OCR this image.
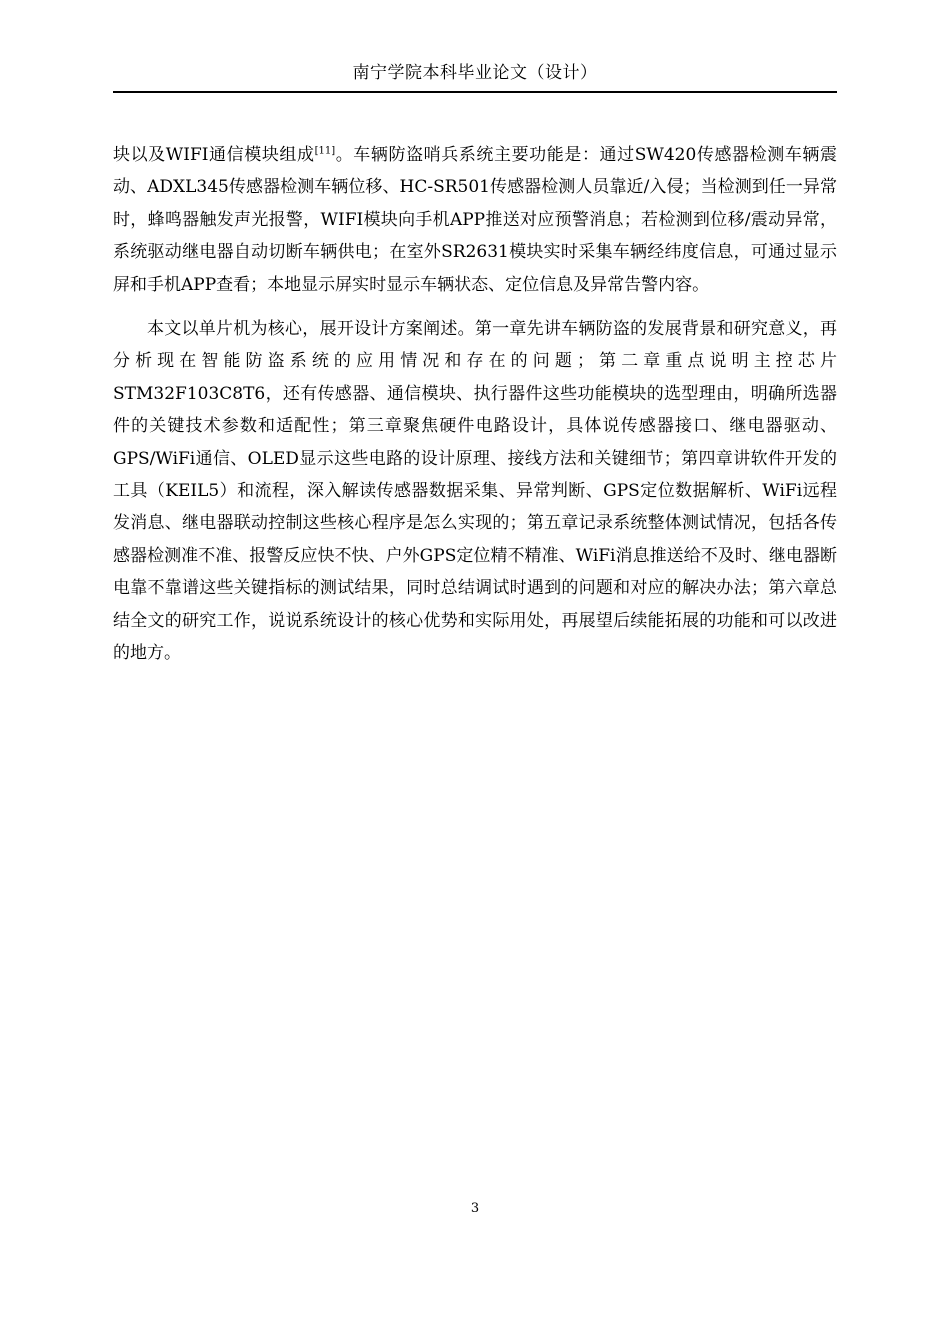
南宁学院本科毕业论文（设计）

块以及WIFI通信模块组成[11]。车辆防盗哨兵系统主要功能是：通过SW420传感器检测车辆震动、ADXL345传感器检测车辆位移、HC-SR501传感器检测人员靠近/入侵；当检测到任一异常时，蜂鸣器触发声光报警，WIFI模块向手机APP推送对应预警消息；若检测到位移/震动异常，系统驱动继电器自动切断车辆供电；在室外SR2631模块实时采集车辆经纬度信息，可通过显示屏和手机APP查看；本地显示屏实时显示车辆状态、定位信息及异常告警内容。

本文以单片机为核心，展开设计方案阐述。第一章先讲车辆防盗的发展背景和研究意义，再分析现在智能防盗系统的应用情况和存在的问题；第二章重点说明主控芯片STM32F103C8T6，还有传感器、通信模块、执行器件这些功能模块的选型理由，明确所选器件的关键技术参数和适配性；第三章聚焦硬件电路设计，具体说传感器接口、继电器驱动、GPS/WiFi通信、OLED显示这些电路的设计原理、接线方法和关键细节；第四章讲软件开发的工具（KEIL5）和流程，深入解读传感器数据采集、异常判断、GPS定位数据解析、WiFi远程发消息、继电器联动控制这些核心程序是怎么实现的；第五章记录系统整体测试情况，包括各传感器检测准不准、报警反应快不快、户外GPS定位精不精准、WiFi消息推送给不及时、继电器断电靠不靠谱这些关键指标的测试结果，同时总结调试时遇到的问题和对应的解决办法；第六章总结全文的研究工作，说说系统设计的核心优势和实际用处，再展望后续能拓展的功能和可以改进的地方。

3
